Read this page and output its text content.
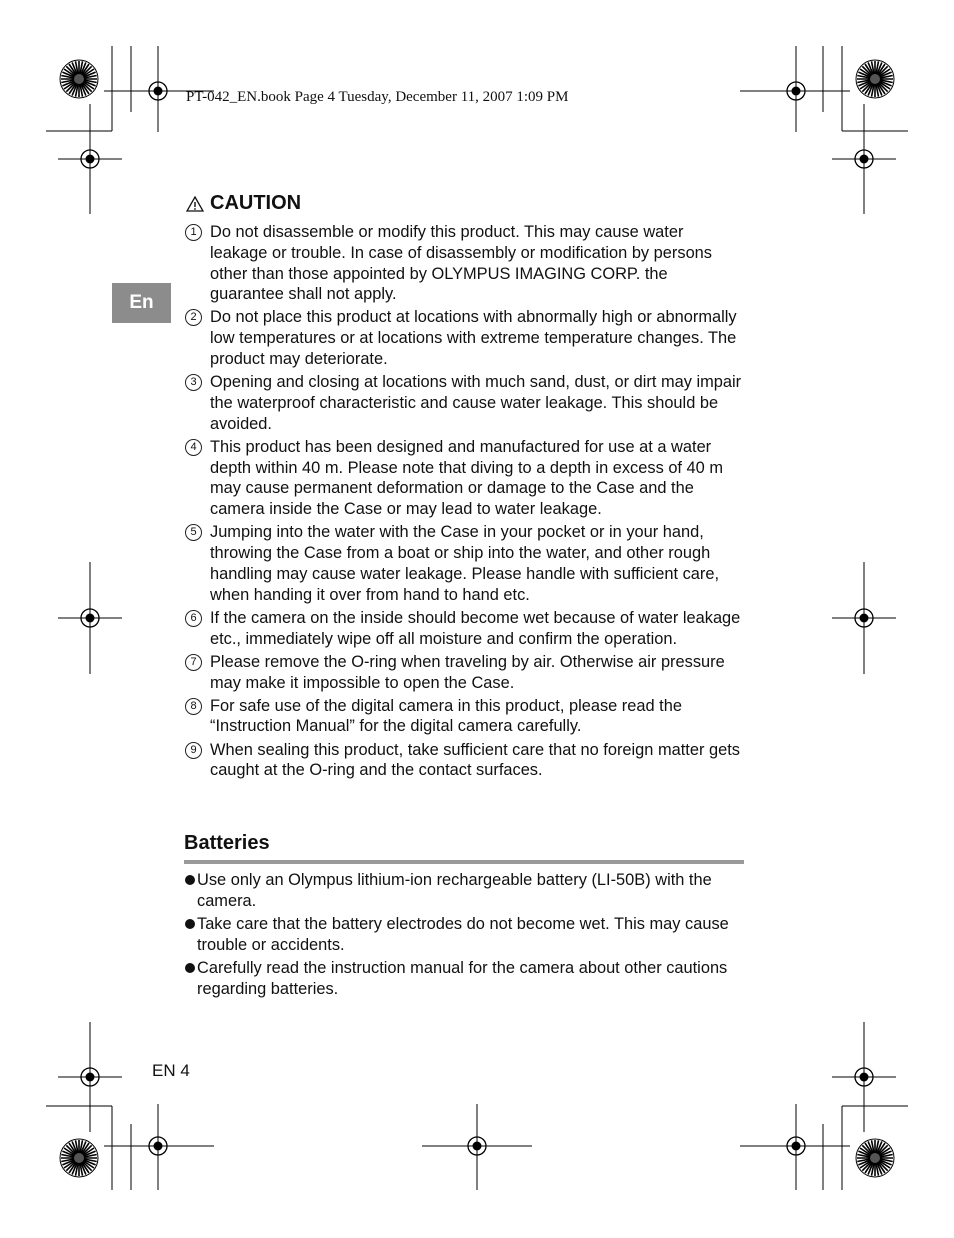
PT-042_EN.book Page 4 Tuesday, December 11, 2007 1:09 PM
En
CAUTION
1 Do not disassemble or modify this product. This may cause water leakage or trouble. In case of disassembly or modification by persons other than those appointed by OLYMPUS IMAGING CORP. the guarantee shall not apply.
2 Do not place this product at locations with abnormally high or abnormally low temperatures or at locations with extreme temperature changes. The product may deteriorate.
3 Opening and closing at locations with much sand, dust, or dirt may impair the waterproof characteristic and cause water leakage. This should be avoided.
4 This product has been designed and manufactured for use at a water depth within 40 m. Please note that diving to a depth in excess of 40 m may cause permanent deformation or damage to the Case and the camera inside the Case or may lead to water leakage.
5 Jumping into the water with the Case in your pocket or in your hand, throwing the Case from a boat or ship into the water, and other rough handling may cause water leakage. Please handle with sufficient care, when handing it over from hand to hand etc.
6 If the camera on the inside should become wet because of water leakage etc., immediately wipe off all moisture and confirm the operation.
7 Please remove the O-ring when traveling by air. Otherwise air pressure may make it impossible to open the Case.
8 For safe use of the digital camera in this product, please read the “Instruction Manual” for the digital camera carefully.
9 When sealing this product, take sufficient care that no foreign matter gets caught at the O-ring and the contact surfaces.
Batteries
Use only an Olympus lithium-ion rechargeable battery (LI-50B) with the camera.
Take care that the battery electrodes do not become wet. This may cause trouble or accidents.
Carefully read the instruction manual for the camera about other cautions regarding batteries.
EN 4
